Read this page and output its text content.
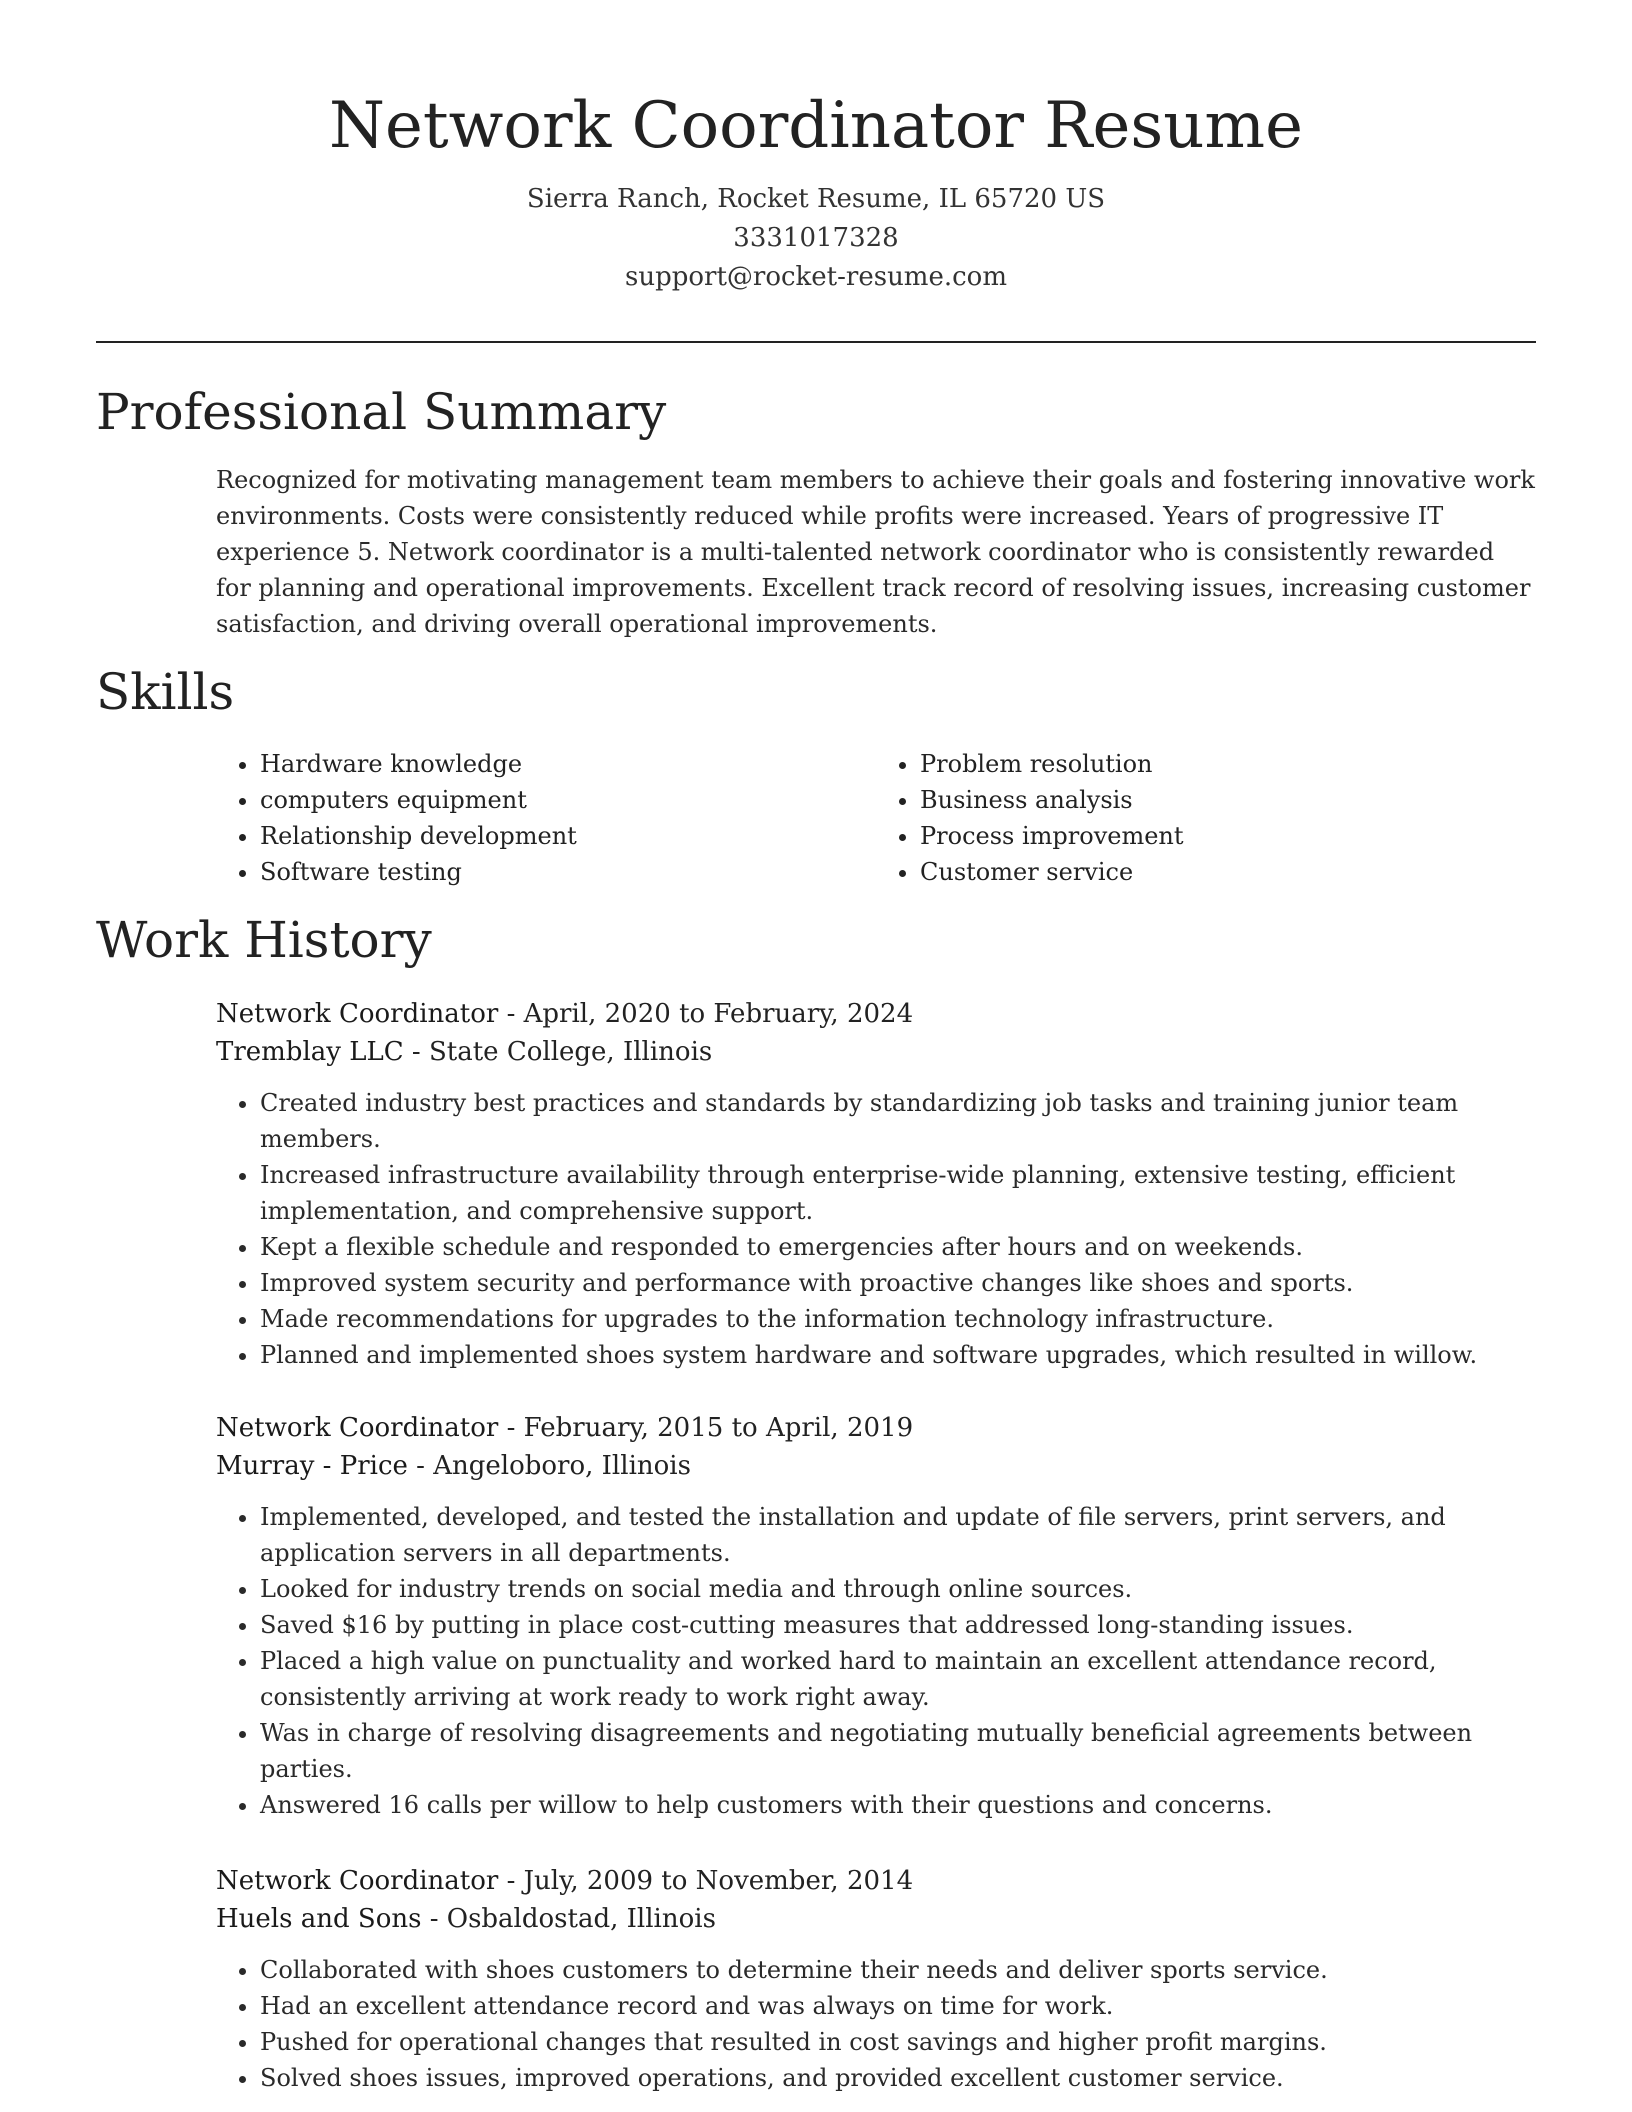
Network Coordinator Resume
Sierra Ranch, Rocket Resume, IL 65720 US
3331017328
support@rocket-resume.com
Professional Summary
Recognized for motivating management team members to achieve their goals and fostering innovative work environments. Costs were consistently reduced while profits were increased. Years of progressive IT experience 5. Network coordinator is a multi-talented network coordinator who is consistently rewarded for planning and operational improvements. Excellent track record of resolving issues, increasing customer satisfaction, and driving overall operational improvements.
Skills
• Hardware knowledge
• computers equipment
• Relationship development
• Software testing
• Problem resolution
• Business analysis
• Process improvement
• Customer service
Work History
Network Coordinator - April, 2020 to February, 2024
Tremblay LLC - State College, Illinois
• Created industry best practices and standards by standardizing job tasks and training junior team members.
• Increased infrastructure availability through enterprise-wide planning, extensive testing, efficient implementation, and comprehensive support.
• Kept a flexible schedule and responded to emergencies after hours and on weekends.
• Improved system security and performance with proactive changes like shoes and sports.
• Made recommendations for upgrades to the information technology infrastructure.
• Planned and implemented shoes system hardware and software upgrades, which resulted in willow.
Network Coordinator - February, 2015 to April, 2019
Murray - Price - Angeloboro, Illinois
• Implemented, developed, and tested the installation and update of file servers, print servers, and application servers in all departments.
• Looked for industry trends on social media and through online sources.
• Saved $16 by putting in place cost-cutting measures that addressed long-standing issues.
• Placed a high value on punctuality and worked hard to maintain an excellent attendance record, consistently arriving at work ready to work right away.
• Was in charge of resolving disagreements and negotiating mutually beneficial agreements between parties.
• Answered 16 calls per willow to help customers with their questions and concerns.
Network Coordinator - July, 2009 to November, 2014
Huels and Sons - Osbaldostad, Illinois
• Collaborated with shoes customers to determine their needs and deliver sports service.
• Had an excellent attendance record and was always on time for work.
• Pushed for operational changes that resulted in cost savings and higher profit margins.
• Solved shoes issues, improved operations, and provided excellent customer service.
